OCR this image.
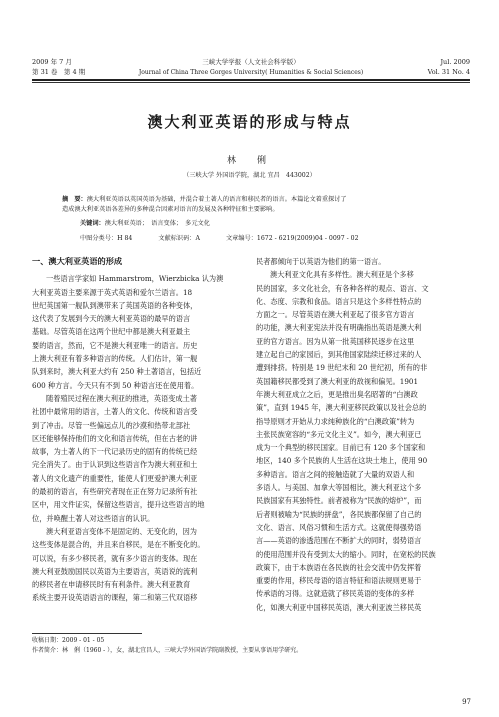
2009 年 7 月	三峡大学学报（人文社会科学版）	Jul. 2009
第 31 卷　第 4 期	Journal of China Three Gorges University( Humanities & Social Sciences)	Vol. 31 No. 4
澳大利亚英语的形成与特点
林　俐
（三峡大学 外国语学院，湖北 宜昌　443002）
摘　要：澳大利亚英语以英国英语为基础，并混合着土著人的语言和移民者的语言。本篇论文着重探讨了
造成澳大利亚英语各差异的多种混合因素对语言的发展及各种特征和主要影响。
关键词：澳大利亚英语；　语言变体；　多元文化
中图分类号：H 84	文献标识码：A	文章编号：1672 - 6219(2009)04 - 0097 - 02
一、澳大利亚英语的形成
一些语言学家如 Hammarstrom，Wierzbicka 认为澳
大利亚英语主要来源于英式英语和爱尔兰语言。18
世纪英国第一舰队到澳带来了英国英语的各种变体，
这代表了发展到今天的澳大利亚英语的最早的语言
基础。尽管英语在这两个世纪中都是澳大利亚最主
要的语言，然而，它不是澳大利亚唯一的语言。历史
上澳大利亚有着多种语言的传统。人们估计，第一舰
队到来时，澳大利亚大约有 250 种土著语言，包括近
600 种方言。今天只有不到 50 种语言还在使用着。
随着殖民过程在澳大利亚的推进，英语变成土著
社团中最常用的语言，土著人的文化、传统和语言受
到了冲击。尽管一些偏远点儿的沙漠和热带北部社
区还能够保持他们的文化和语言传统，但在古老的讲
故事，为土著人的下一代记录历史的固有的传统已经
完全消失了。由于认识到这些语言作为澳大利亚和土
著人的文化遗产的重要性，能使人们更爱护澳大利亚
的最初的语言，有些研究者现在正在努力记录所有社
区中，用文件证实，保留这些语言，提升这些语言的地
位，并唤醒土著人对这些语言的认识。
澳大利亚语言变体不是固定的、无变化的，因为
这些变体是混合的，并且来自移民，是在不断变化的。
可以说，有多少移民者，就有多少语言的变体。现在
澳大利亚鼓励国民以英语为主要语言，英语说的流利
的移民者在申请移民时有有利条件。澳大利亚教育
系统主要开设英语语言的课程，第二和第三代双语移
民者都倾向于以英语为他们的第一语言。
澳大利亚文化具有多样性。澳大利亚是个多移
民的国家，多文化社会，有各种各样的观点、语言、文
化、态度、宗教和食品。语言只是这个多样性特点的
方面之一。尽管英语在澳大利亚起了很多官方语言
的功能，澳大利亚宪法并没有明确指出英语是澳大利
亚的官方语言。因为从第一批英国移民逐步在这里
建立起自己的家园后，到其他国家陆续迁移过来的人
遭到排挤。特别是 19 世纪末和 20 世纪初，所有的非
英国籍移民都受到了澳大利亚的敌视和偏见。1901
年澳大利亚成立之后，更是推出臭名昭著的“白澳政
策”，直到 1945 年，澳大利亚移民政策以及社会总的
指导原则才开始从力求纯种族化的“白澳政策”转为
主张民族宽容的“多元文化主义”。如今，澳大利亚已
成为一个典型的移民国家。目前已有 120 多个国家和
地区，140 多个民族的人生活在这块土地上，使用 90
多种语言。语言之间的接触造就了大量的双语人和
多语人。与美国、加拿大等国相比，澳大利亚这个多
民族国家有其独特性。前者被称为“民族的熔炉”，而
后者则被喻为“民族的拼盘”，各民族都保留了自己的
文化、语言、风俗习惯和生活方式。这就使得强势语
言——英语的渗透范围在不断扩大的同时，弱势语言
的使用范围并没有受到太大的缩小。同时，在宽松的民族
政策下，由于本族语在各民族的社会交流中仍发挥着
重要的作用，移民母语的语言特征和语法规则更易于
传承语的习得。这就造就了移民英语的变体的多样
化，如澳大利亚中国移民英语，澳大利亚波兰移民英
收稿日期：2009 - 01 - 05
作者简介：林　俐（1960 - ），女，湖北宜昌人，三峡大学外国语学院副教授，主要从事语用学研究。
97
